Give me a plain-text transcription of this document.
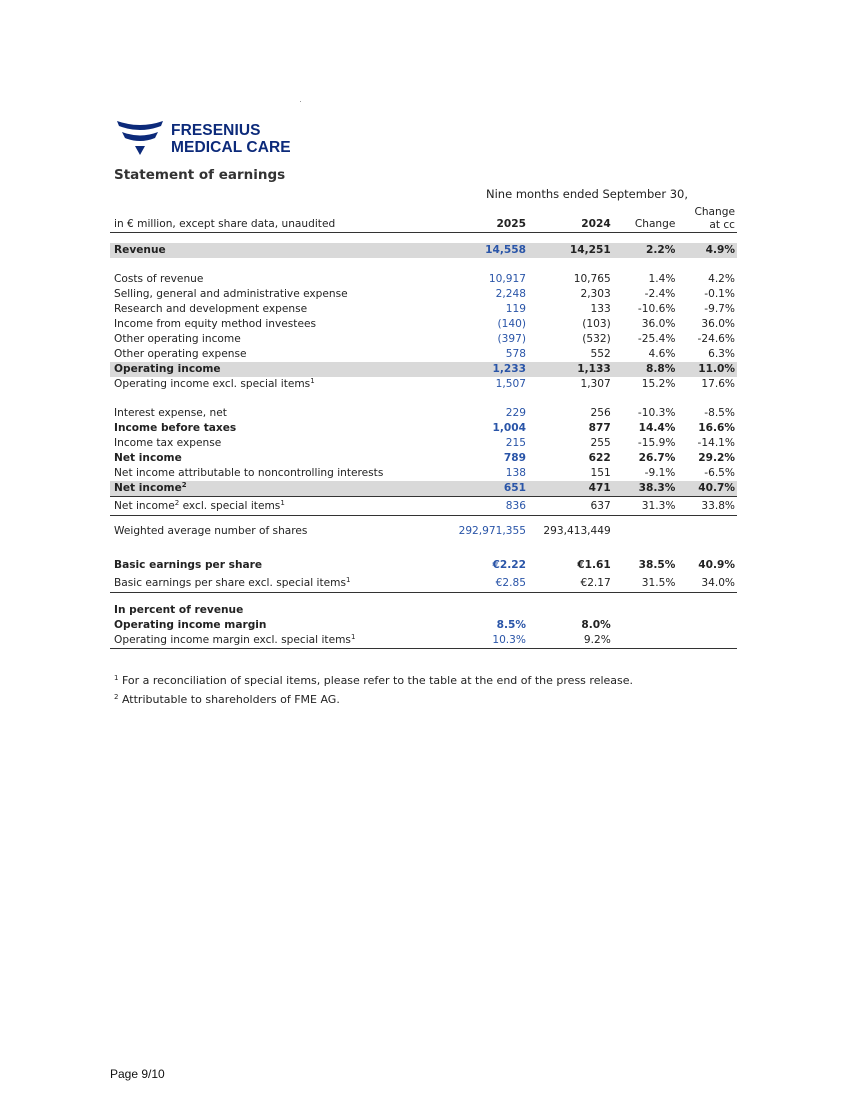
FRESENIUS
MEDICAL CARE
Statement of earnings
Nine months ended September 30,
in € million, except share data, unaudited	2025	2024	Change	Change
at cc

Revenue	14,558	14,251	2.2%	4.9%

Costs of revenue	10,917	10,765	1.4%	4.2%
Selling, general and administrative expense	2,248	2,303	-2.4%	-0.1%
Research and development expense	119	133	-10.6%	-9.7%
Income from equity method investees	(140)	(103)	36.0%	36.0%
Other operating income	(397)	(532)	-25.4%	-24.6%
Other operating expense	578	552	4.6%	6.3%
Operating income	1,233	1,133	8.8%	11.0%
Operating income excl. special items$^1$	1,507	1,307	15.2%	17.6%

Interest expense, net	229	256	-10.3%	-8.5%
Income before taxes	1,004	877	14.4%	16.6%
Income tax expense	215	255	-15.9%	-14.1%
Net income	789	622	26.7%	29.2%
Net income attributable to noncontrolling interests	138	151	-9.1%	-6.5%
Net income$^2$	651	471	38.3%	40.7%
Net income$^2$ excl. special items$^1$	836	637	31.3%	33.8%
Weighted average number of shares	292,971,355	293,413,449		

Basic earnings per share	€2.22	€1.61	38.5%	40.9%
Basic earnings per share excl. special items$^1$	€2.85	€2.17	31.5%	34.0%

In percent of revenue				
Operating income margin	8.5%	8.0%		
Operating income margin excl. special items$^1$	10.3%	9.2%		
$^1$ For a reconciliation of special items, please refer to the table at the end of the press release.
$^2$ Attributable to shareholders of FME AG.
Page 9/10
